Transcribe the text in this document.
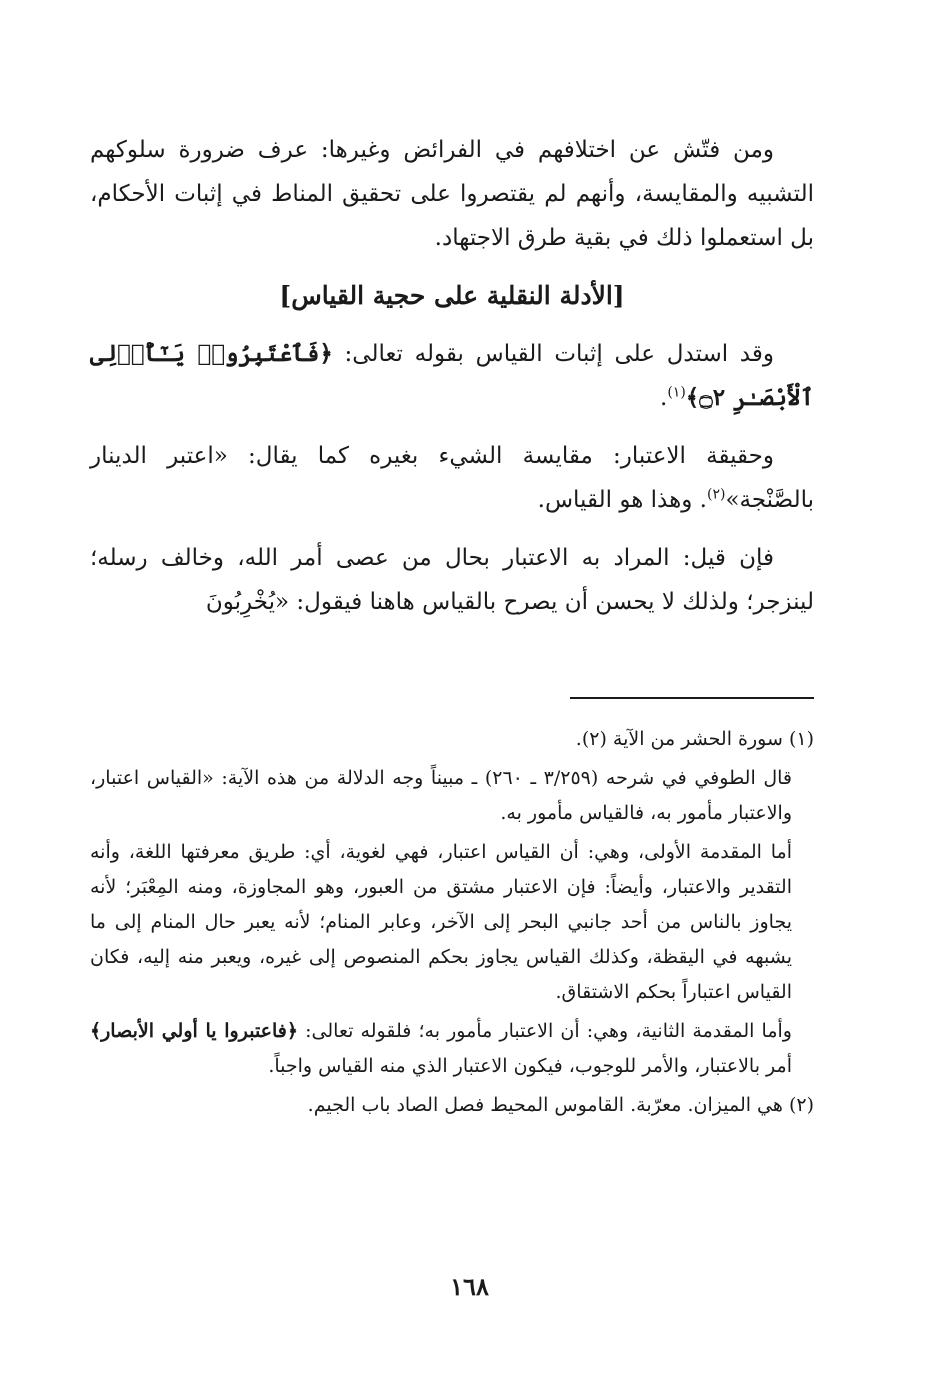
ومن فتّش عن اختلافهم في الفرائض وغيرها: عرف ضرورة سلوكهم التشبيه والمقايسة، وأنهم لم يقتصروا على تحقيق المناط في إثبات الأحكام، بل استعملوا ذلك في بقية طرق الاجتهاد.

[الأدلة النقلية على حجية القياس]

وقد استدل على إثبات القياس بقوله تعالى: ﴿فَٱعْتَبِرُوا۟ يَـٰٓأُو۟لِى ٱلْأَبْصَـٰرِ ۝٢﴾$^{(١)}$.

وحقيقة الاعتبار: مقايسة الشيء بغيره كما يقال: «اعتبر الدينار بالصَّنْجة»$^{(٢)}$. وهذا هو القياس.

فإن قيل: المراد به الاعتبار بحال من عصى أمر الله، وخالف رسله؛ لينزجر؛ ولذلك لا يحسن أن يصرح بالقياس هاهنا فيقول: «يُخْرِبُونَ

(١) سورة الحشر من الآية (٢).

قال الطوفي في شرحه (٣/٢٥٩ ـ ٢٦٠) ـ مبيناً وجه الدلالة من هذه الآية: «القياس اعتبار، والاعتبار مأمور به، فالقياس مأمور به.

أما المقدمة الأولى، وهي: أن القياس اعتبار، فهي لغوية، أي: طريق معرفتها اللغة، وأنه التقدير والاعتبار، وأيضاً: فإن الاعتبار مشتق من العبور، وهو المجاوزة، ومنه المِعْبَر؛ لأنه يجاوز بالناس من أحد جانبي البحر إلى الآخر، وعابر المنام؛ لأنه يعبر حال المنام إلى ما يشبهه في اليقظة، وكذلك القياس يجاوز بحكم المنصوص إلى غيره، ويعبر منه إليه، فكان القياس اعتباراً بحكم الاشتقاق.

وأما المقدمة الثانية، وهي: أن الاعتبار مأمور به؛ فلقوله تعالى: ﴿فاعتبروا يا أولي الأبصار﴾ أمر بالاعتبار، والأمر للوجوب، فيكون الاعتبار الذي منه القياس واجباً.

(٢) هي الميزان. معرّبة. القاموس المحيط فصل الصاد باب الجيم.

١٦٨
